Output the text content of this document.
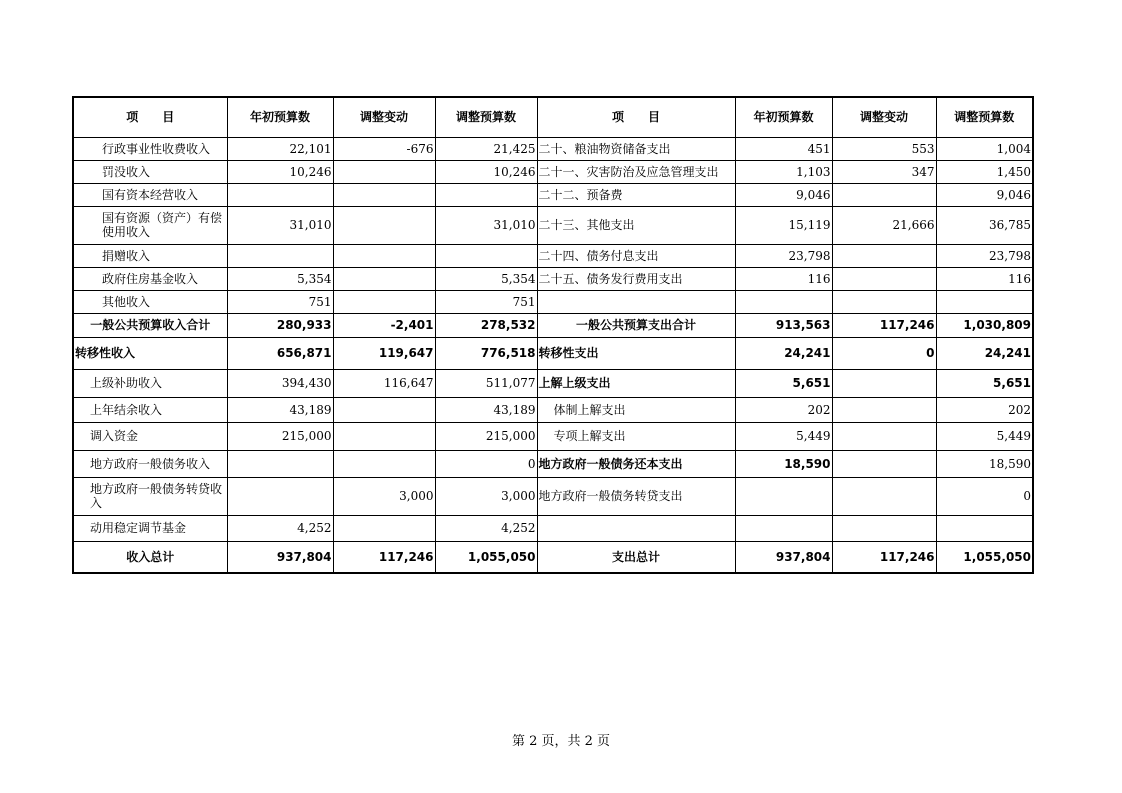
项　　目	年初预算数	调整变动	调整预算数	项　　目	年初预算数	调整变动	调整预算数
行政事业性收费收入	22,101	-676	21,425	二十、粮油物资储备支出	451	553	1,004
罚没收入	10,246		10,246	二十一、灾害防治及应急管理支出	1,103	347	1,450
国有资本经营收入				二十二、预备费	9,046		9,046
国有资源（资产）有偿使用收入	31,010		31,010	二十三、其他支出	15,119	21,666	36,785
捐赠收入				二十四、债务付息支出	23,798		23,798
政府住房基金收入	5,354		5,354	二十五、债务发行费用支出	116		116
其他收入	751		751				
一般公共预算收入合计	280,933	-2,401	278,532	一般公共预算支出合计	913,563	117,246	1,030,809
转移性收入	656,871	119,647	776,518	转移性支出	24,241	0	24,241
上级补助收入	394,430	116,647	511,077	上解上级支出	5,651		5,651
上年结余收入	43,189		43,189	体制上解支出	202		202
调入资金	215,000		215,000	专项上解支出	5,449		5,449
地方政府一般债务收入			0	地方政府一般债务还本支出	18,590		18,590
地方政府一般债务转贷收入		3,000	3,000	地方政府一般债务转贷支出			0
动用稳定调节基金	4,252		4,252				
收入总计	937,804	117,246	1,055,050	支出总计	937,804	117,246	1,055,050
第 2 页，共 2 页
